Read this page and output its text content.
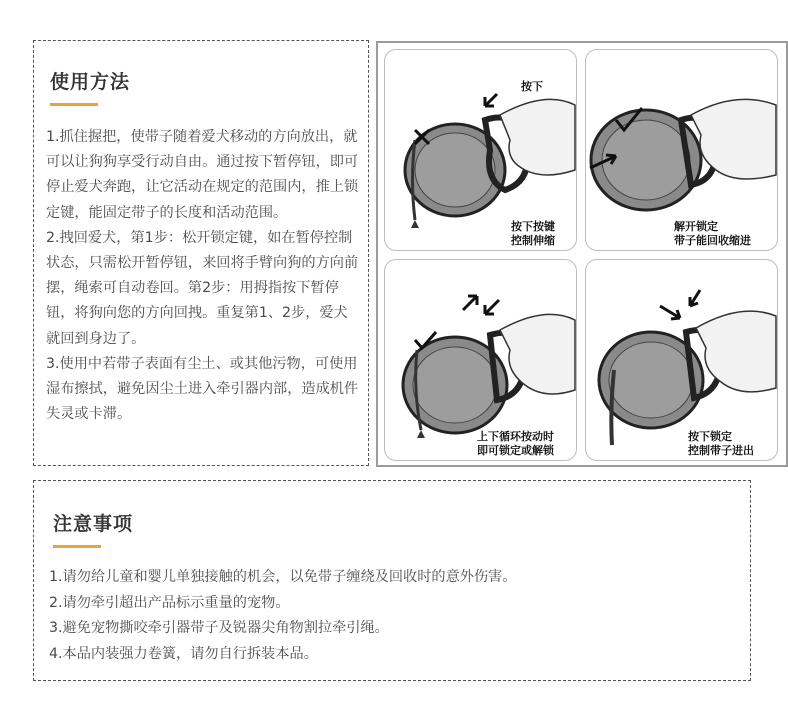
使用方法

1.抓住握把，使带子随着爱犬移动的方向放出，就可以让狗狗享受行动自由。通过按下暂停钮，即可停止爱犬奔跑，让它活动在规定的范围内，推上锁定键，能固定带子的长度和活动范围。

2.拽回爱犬，第1步：松开锁定键，如在暂停控制状态，只需松开暂停钮，来回将手臂向狗的方向前摆，绳索可自动卷回。第2步：用拇指按下暂停钮，将狗向您的方向回拽。重复第1、2步，爱犬就回到身边了。

3.使用中若带子表面有尘土、或其他污物，可使用湿布擦拭，避免因尘土进入牵引器内部，造成机件失灵或卡滞。

按下
按下按键
控制伸缩
解开锁定
带子能回收缩进
上下循环按动时
即可锁定或解锁
按下锁定
控制带子进出
注意事项
1.请勿给儿童和婴儿单独接触的机会，以免带子缠绕及回收时的意外伤害。
2.请勿牵引超出产品标示重量的宠物。
3.避免宠物撕咬牵引器带子及锐器尖角物割拉牵引绳。
4.本品内装强力卷簧，请勿自行拆装本品。
